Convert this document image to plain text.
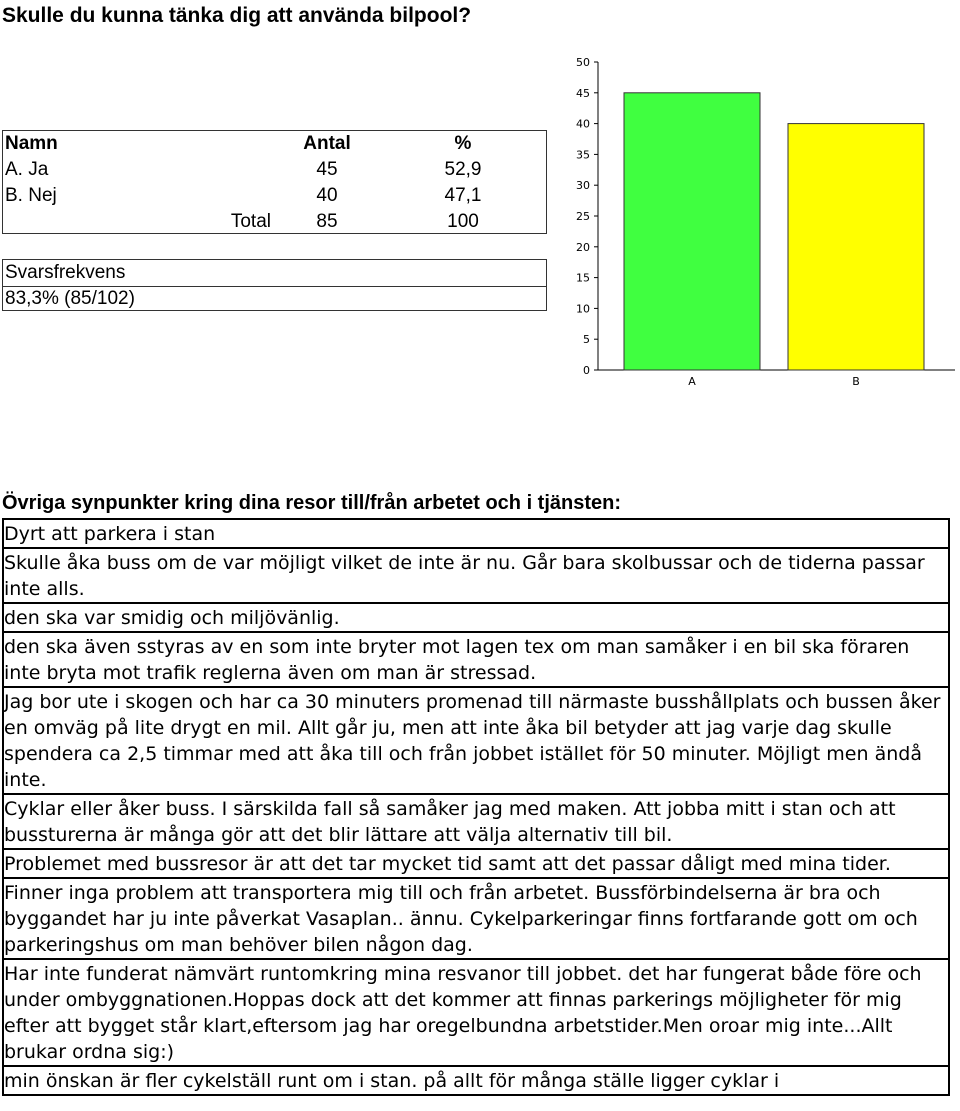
Skulle du kunna tänka dig att använda bilpool?
Namn	Antal	%
A. Ja	45	52,9
B. Nej	40	47,1
Total	85	100
Svarsfrekvens
83,3% (85/102)
0
5
10
15
20
25
30
35
40
45
50
A	B
Övriga synpunkter kring dina resor till/från arbetet och i tjänsten:
Dyrt att parkera i stan
Skulle åka buss om de var möjligt vilket de inte är nu. Går bara skolbussar och de tiderna passar inte alls.
den ska var smidig och miljövänlig.
den ska även sstyras av en som inte bryter mot lagen tex om man samåker i en bil ska föraren inte bryta mot trafik reglerna även om man är stressad.
Jag bor ute i skogen och har ca 30 minuters promenad till närmaste busshållplats och bussen åker en omväg på lite drygt en mil. Allt går ju, men att inte åka bil betyder att jag varje dag skulle spendera ca 2,5 timmar med att åka till och från jobbet istället för 50 minuter. Möjligt men ändå inte.
Cyklar eller åker buss. I särskilda fall så samåker jag med maken. Att jobba mitt i stan och att bussturerna är många gör att det blir lättare att välja alternativ till bil.
Problemet med bussresor är att det tar mycket tid samt att det passar dåligt med mina tider.
Finner inga problem att transportera mig till och från arbetet. Bussförbindelserna är bra och byggandet har ju inte påverkat Vasaplan.. ännu. Cykelparkeringar finns fortfarande gott om och parkeringshus om man behöver bilen någon dag.
Har inte funderat nämvärt runtomkring mina resvanor till jobbet. det har fungerat både före och under ombyggnationen.Hoppas dock att det kommer att finnas parkerings möjligheter för mig efter att bygget står klart,eftersom jag har oregelbundna arbetstider.Men oroar mig inte...Allt brukar ordna sig:)
min önskan är fler cykelställ runt om i stan. på allt för många ställe ligger cyklar i
